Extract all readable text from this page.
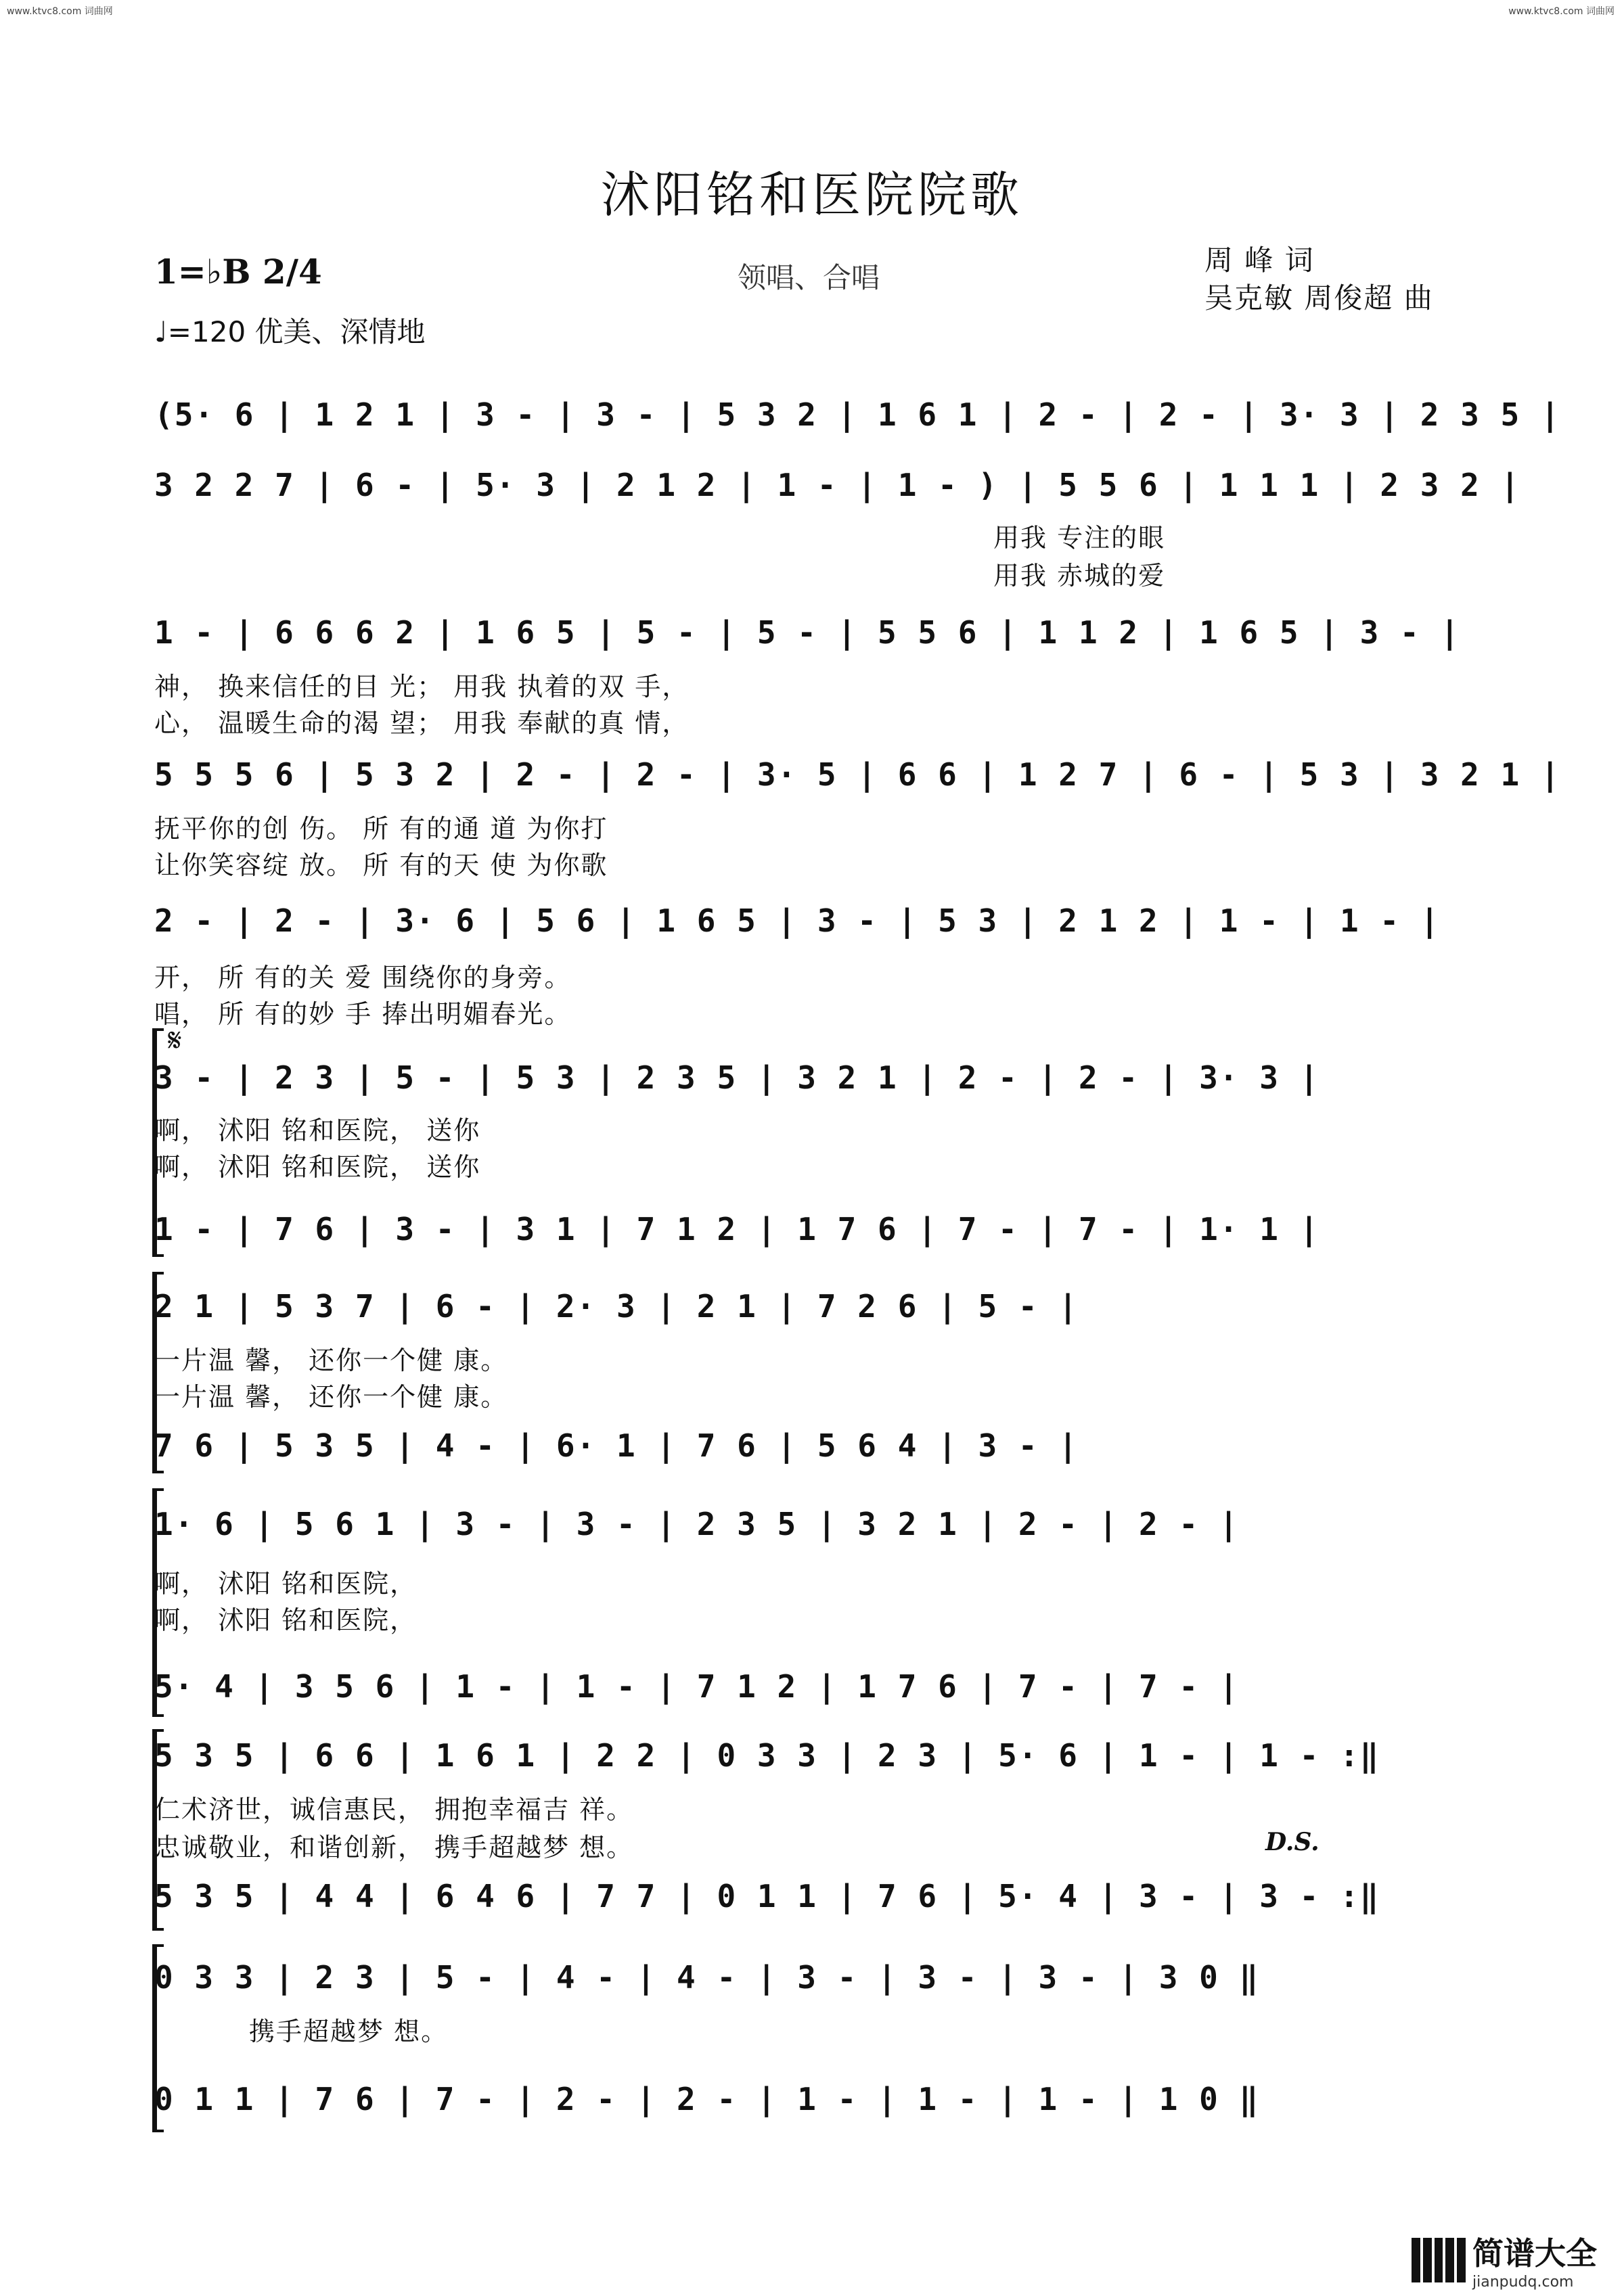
www.ktvc8.com 词曲网	www.ktvc8.com 词曲网
沭阳铭和医院院歌
1=♭B 2/4
♩=120 优美、深情地
领唱、合唱
周 峰 词
吴克敏 周俊超 曲
(5· 6 | 1 2 1 | 3 - | 3 - | 5 3 2 | 1 6 1 | 2 - | 2 - | 3· 3 | 2 3 5 |
3 2 2 7 | 6 - | 5· 3 | 2 1 2 | 1 - | 1 - ) | 5 5 6 | 1 1 1 | 2 3 2 |
用我 专注的眼
用我 赤城的爱
1 - | 6 6 6 2 | 1 6 5 | 5 - | 5 - | 5 5 6 | 1 1 2 | 1 6 5 | 3 - |
神， 换来信任的目 光； 用我 执着的双 手，
心， 温暖生命的渴 望； 用我 奉献的真 情，
5 5 5 6 | 5 3 2 | 2 - | 2 - | 3· 5 | 6 6 | 1 2 7 | 6 - | 5 3 | 3 2 1 |
抚平你的创 伤。 所 有的通 道 为你打
让你笑容绽 放。 所 有的天 使 为你歌
2 - | 2 - | 3· 6 | 5 6 | 1 6 5 | 3 - | 5 3 | 2 1 2 | 1 - | 1 - |
开， 所 有的关 爱 围绕你的身旁。
唱， 所 有的妙 手 捧出明媚春光。
𝄋
3 - | 2 3 | 5 - | 5 3 | 2 3 5 | 3 2 1 | 2 - | 2 - | 3· 3 |
啊， 沭阳 铭和医院， 送你
啊， 沭阳 铭和医院， 送你
1 - | 7 6 | 3 - | 3 1 | 7 1 2 | 1 7 6 | 7 - | 7 - | 1· 1 |
2 1 | 5 3 7 | 6 - | 2· 3 | 2 1 | 7 2 6 | 5 - |
一片温 馨， 还你一个健 康。
一片温 馨， 还你一个健 康。
7 6 | 5 3 5 | 4 - | 6· 1 | 7 6 | 5 6 4 | 3 - |
1· 6 | 5 6 1 | 3 - | 3 - | 2 3 5 | 3 2 1 | 2 - | 2 - |
啊， 沭阳 铭和医院，
啊， 沭阳 铭和医院，
5· 4 | 3 5 6 | 1 - | 1 - | 7 1 2 | 1 7 6 | 7 - | 7 - |
5 3 5 | 6 6 | 1 6 1 | 2 2 | 0 3 3 | 2 3 | 5· 6 | 1 - | 1 - :‖
仁术济世，诚信惠民， 拥抱幸福吉 祥。
忠诚敬业，和谐创新， 携手超越梦 想。	D.S.
5 3 5 | 4 4 | 6 4 6 | 7 7 | 0 1 1 | 7 6 | 5· 4 | 3 - | 3 - :‖
0 3 3 | 2 3 | 5 - | 4 - | 4 - | 3 - | 3 - | 3 - | 3 0 ‖
携手超越梦 想。
0 1 1 | 7 6 | 7 - | 2 - | 2 - | 1 - | 1 - | 1 - | 1 0 ‖
简谱大全
jianpudq.com
